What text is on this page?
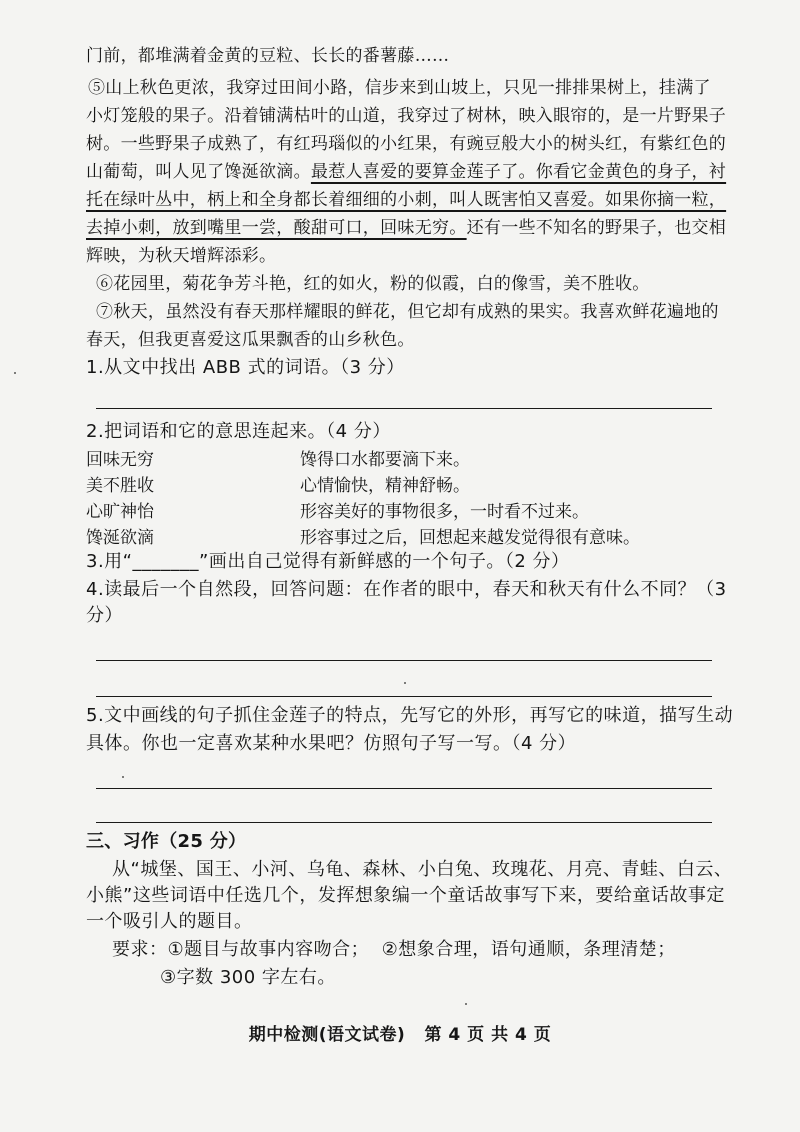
门前，都堆满着金黄的豆粒、长长的番薯藤……
⑤山上秋色更浓，我穿过田间小路，信步来到山坡上，只见一排排果树上，挂满了
小灯笼般的果子。沿着铺满枯叶的山道，我穿过了树林，映入眼帘的，是一片野果子
树。一些野果子成熟了，有红玛瑙似的小红果，有豌豆般大小的树头红，有紫红色的
山葡萄，叫人见了馋涎欲滴。最惹人喜爱的要算金莲子了。你看它金黄色的身子，衬
托在绿叶丛中，柄上和全身都长着细细的小刺，叫人既害怕又喜爱。如果你摘一粒，
去掉小刺，放到嘴里一尝，酸甜可口，回味无穷。还有一些不知名的野果子，也交相
辉映，为秋天增辉添彩。
⑥花园里，菊花争芳斗艳，红的如火，粉的似霞，白的像雪，美不胜收。
⑦秋天，虽然没有春天那样耀眼的鲜花，但它却有成熟的果实。我喜欢鲜花遍地的
春天，但我更喜爱这瓜果飘香的山乡秋色。
1.从文中找出 ABB 式的词语。（3 分）
2.把词语和它的意思连起来。（4 分）
回味无穷	馋得口水都要滴下来。
美不胜收	心情愉快，精神舒畅。
心旷神怡	形容美好的事物很多，一时看不过来。
馋涎欲滴	形容事过之后，回想起来越发觉得很有意味。
3.用“_______”画出自己觉得有新鲜感的一个句子。（2 分）
4.读最后一个自然段，回答问题：在作者的眼中，春天和秋天有什么不同？（3
分）
5.文中画线的句子抓住金莲子的特点，先写它的外形，再写它的味道，描写生动
具体。你也一定喜欢某种水果吧？仿照句子写一写。（4 分）
三、习作（25 分）
从“城堡、国王、小河、乌龟、森林、小白兔、玫瑰花、月亮、青蛙、白云、
小熊”这些词语中任选几个，发挥想象编一个童话故事写下来，要给童话故事定
一个吸引人的题目。
要求：①题目与故事内容吻合；  ②想象合理，语句通顺，条理清楚；
③字数 300 字左右。
期中检测(语文试卷)   第 4 页 共 4 页
